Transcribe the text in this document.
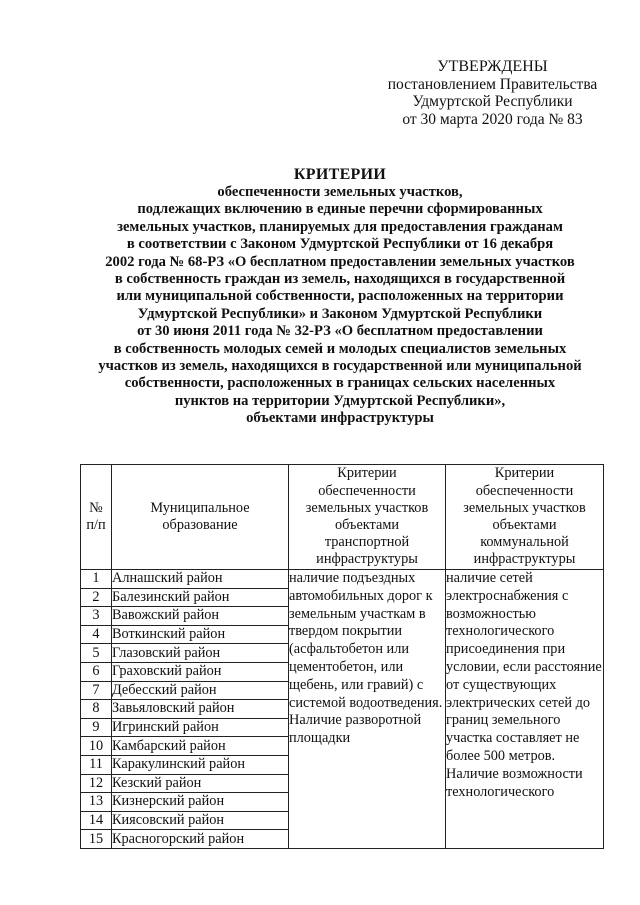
УТВЕРЖДЕНЫ
постановлением Правительства
Удмуртской Республики
от 30 марта 2020 года № 83
КРИТЕРИИ
обеспеченности земельных участков,
подлежащих включению в единые перечни сформированных
земельных участков, планируемых для предоставления гражданам
в соответствии с Законом Удмуртской Республики от 16 декабря
2002 года № 68-РЗ «О бесплатном предоставлении земельных участков
в собственность граждан из земель, находящихся в государственной
или муниципальной собственности, расположенных на территории
Удмуртской Республики» и Законом Удмуртской Республики
от 30 июня 2011 года № 32-РЗ «О бесплатном предоставлении
в собственность молодых семей и молодых специалистов земельных
участков из земель, находящихся в государственной или муниципальной
собственности, расположенных в границах сельских населенных
пунктов на территории Удмуртской Республики»,
объектами инфраструктуры
№ п/п	Муниципальное образование	Критерии обеспеченности земельных участков объектами транспортной инфраструктуры	Критерии обеспеченности земельных участков объектами коммунальной инфраструктуры
1	Алнашский район	наличие подъездных автомобильных дорог к земельным участкам в твердом покрытии (асфальтобетон или цементобетон, или щебень, или гравий) с системой водоотведения. Наличие разворотной площадки	наличие сетей электроснабжения с возможностью технологического присоединения при условии, если расстояние от существующих электрических сетей до границ земельного участка составляет не более 500 метров. Наличие возможности технологического
2	Балезинский район		
3	Вавожский район		
4	Воткинский район		
5	Глазовский район		
6	Граховский район		
7	Дебесский район		
8	Завьяловский район		
9	Игринский район		
10	Камбарский район		
11	Каракулинский район		
12	Кезский район		
13	Кизнерский район		
14	Киясовский район		
15	Красногорский район		
